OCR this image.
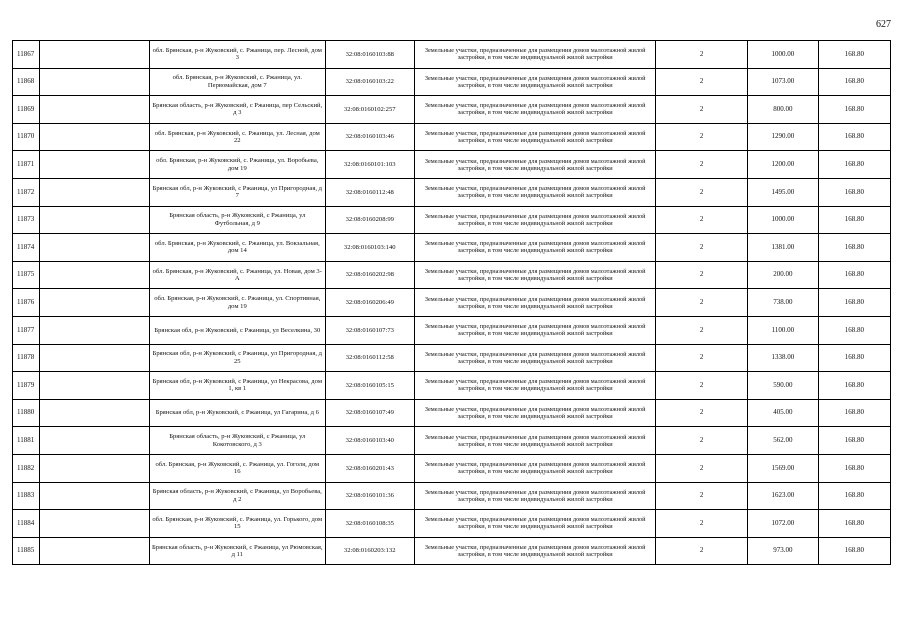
627
11867		обл. Брянская, р-н Жуковский, с. Ржаница, пер. Лесной, дом 3	32:08:0160103:88	Земельные участки, предназначенные для размещения домов малоэтажной жилой застройки, в том числе индивидуальной жилой застройки	2	1000.00	168.80	
11868		обл. Брянская, р-н Жуковский, с. Ржаница, ул. Первомайская, дом 7	32:08:0160103:22	Земельные участки, предназначенные для размещения домов малоэтажной жилой застройки, в том числе индивидуальной жилой застройки	2	1073.00	168.80	
11869		Брянская область, р-н Жуковский, с Ржаница, пер Сельский, д 3	32:08:0160102:257	Земельные участки, предназначенные для размещения домов малоэтажной жилой застройки, в том числе индивидуальной жилой застройки	2	800.00	168.80	
11870		обл. Брянская, р-н Жуковский, с. Ржаница, ул. Лесная, дом 22	32:08:0160103:46	Земельные участки, предназначенные для размещения домов малоэтажной жилой застройки, в том числе индивидуальной жилой застройки	2	1290.00	168.80	
11871		обл. Брянская, р-н Жуковский, с. Ржаница, ул. Воробьева, дом 19	32:08:0160101:103	Земельные участки, предназначенные для размещения домов малоэтажной жилой застройки, в том числе индивидуальной жилой застройки	2	1200.00	168.80	
11872		Брянская обл, р-н Жуковский, с Ржаница, ул Пригородная, д 7	32:08:0160112:48	Земельные участки, предназначенные для размещения домов малоэтажной жилой застройки, в том числе индивидуальной жилой застройки	2	1495.00	168.80	
11873		Брянская область, р-н Жуковский, с Ржаница, ул Футбольная, д 9	32:08:0160208:99	Земельные участки, предназначенные для размещения домов малоэтажной жилой застройки, в том числе индивидуальной жилой застройки	2	1000.00	168.80	
11874		обл. Брянская, р-н Жуковский, с. Ржаница, ул. Вокзальная, дом 14	32:08:0160103:140	Земельные участки, предназначенные для размещения домов малоэтажной жилой застройки, в том числе индивидуальной жилой застройки	2	1381.00	168.80	
11875		обл. Брянская, р-н Жуковский, с. Ржаница, ул. Новая, дом 3-А	32:08:0160202:98	Земельные участки, предназначенные для размещения домов малоэтажной жилой застройки, в том числе индивидуальной жилой застройки	2	200.00	168.80	
11876		обл. Брянская, р-н Жуковский, с. Ржаница, ул. Спортивная, дом 19	32:08:0160206:49	Земельные участки, предназначенные для размещения домов малоэтажной жилой застройки, в том числе индивидуальной жилой застройки	2	738.00	168.80	
11877		Брянская обл, р-н Жуковский, с Ржаница, ул Веселкина, 30	32:08:0160107:73	Земельные участки, предназначенные для размещения домов малоэтажной жилой застройки, в том числе индивидуальной жилой застройки	2	1100.00	168.80	
11878		Брянская обл, р-н Жуковский, с Ржаница, ул Пригородная, д 25	32:08:0160112:58	Земельные участки, предназначенные для размещения домов малоэтажной жилой застройки, в том числе индивидуальной жилой застройки	2	1338.00	168.80	
11879		Брянская обл, р-н Жуковский, с Ржаница, ул Некрасова, дом 1, кв 1	32:08:0160105:15	Земельные участки, предназначенные для размещения домов малоэтажной жилой застройки, в том числе индивидуальной жилой застройки	2	590.00	168.80	
11880		Брянская обл, р-н Жуковский, с Ржаница, ул Гагарина, д 6	32:08:0160107:49	Земельные участки, предназначенные для размещения домов малоэтажной жилой застройки, в том числе индивидуальной жилой застройки	2	405.00	168.80	
11881		Брянская область, р-н Жуковский, с Ржаница, ул Кокотовского, д 3	32:08:0160103:40	Земельные участки, предназначенные для размещения домов малоэтажной жилой застройки, в том числе индивидуальной жилой застройки	2	562.00	168.80	
11882		обл. Брянская, р-н Жуковский, с. Ржаница, ул. Гоголя, дом 16	32:08:0160201:43	Земельные участки, предназначенные для размещения домов малоэтажной жилой застройки, в том числе индивидуальной жилой застройки	2	1569.00	168.80	
11883		Брянская область, р-н Жуковский, с Ржаница, ул Воробьева, д 2	32:08:0160101:36	Земельные участки, предназначенные для размещения домов малоэтажной жилой застройки, в том числе индивидуальной жилой застройки	2	1623.00	168.80	
11884		обл. Брянская, р-н Жуковский, с. Ржаница, ул. Горького, дом 15	32:08:0160108:35	Земельные участки, предназначенные для размещения домов малоэтажной жилой застройки, в том числе индивидуальной жилой застройки	2	1072.00	168.80	
11885		Брянская область, р-н Жуковский, с Ржаница, ул Рюмовская, д 11	32:08:0160203:132	Земельные участки, предназначенные для размещения домов малоэтажной жилой застройки, в том числе индивидуальной жилой застройки	2	973.00	168.80	
